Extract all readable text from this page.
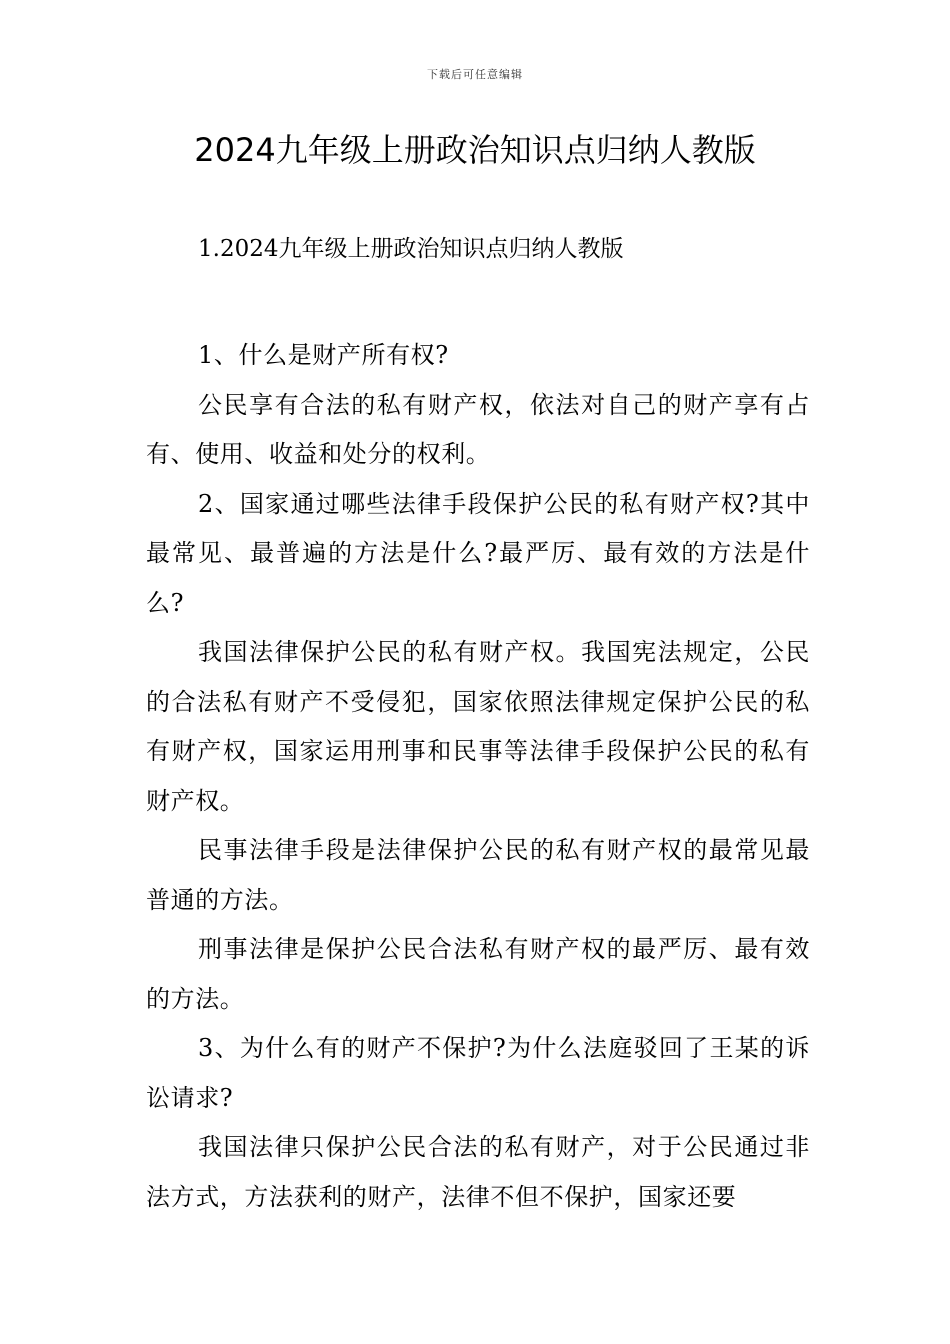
下载后可任意编辑
2024九年级上册政治知识点归纳人教版
1.2024九年级上册政治知识点归纳人教版

1、什么是财产所有权?

公民享有合法的私有财产权，依法对自己的财产享有占有、使用、收益和处分的权利。

2、国家通过哪些法律手段保护公民的私有财产权?其中最常见、最普遍的方法是什么?最严厉、最有效的方法是什么?

我国法律保护公民的私有财产权。我国宪法规定，公民的合法私有财产不受侵犯，国家依照法律规定保护公民的私有财产权，国家运用刑事和民事等法律手段保护公民的私有财产权。

民事法律手段是法律保护公民的私有财产权的最常见最普通的方法。

刑事法律是保护公民合法私有财产权的最严厉、最有效的方法。

3、为什么有的财产不保护?为什么法庭驳回了王某的诉讼请求?

我国法律只保护公民合法的私有财产，对于公民通过非法方式，方法获利的财产，法律不但不保护，国家还要
